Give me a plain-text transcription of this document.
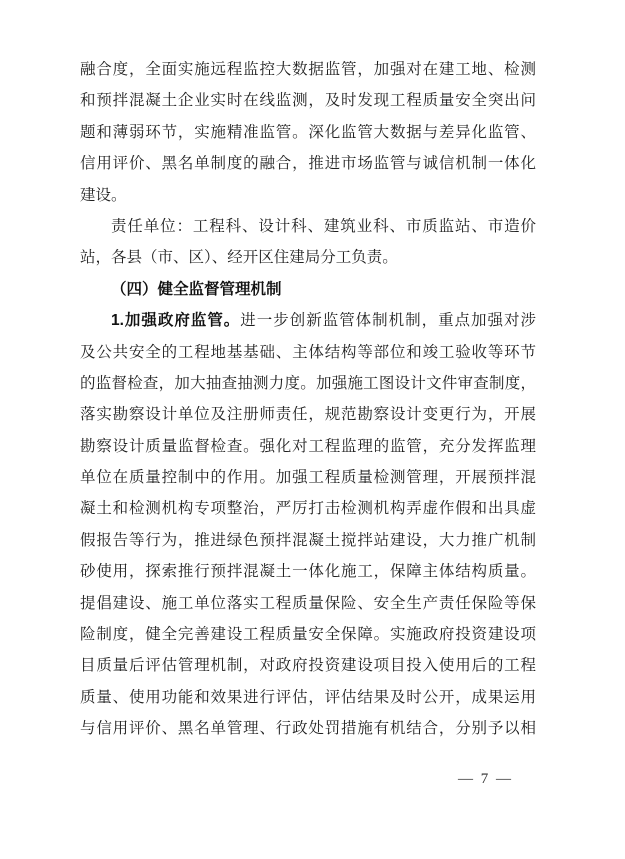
融合度，全面实施远程监控大数据监管，加强对在建工地、检测
和预拌混凝土企业实时在线监测，及时发现工程质量安全突出问
题和薄弱环节，实施精准监管。深化监管大数据与差异化监管、
信用评价、黑名单制度的融合，推进市场监管与诚信机制一体化
建设。
责任单位：工程科、设计科、建筑业科、市质监站、市造价
站，各县（市、区）、经开区住建局分工负责。
（四）健全监督管理机制
1.加强政府监管。进一步创新监管体制机制，重点加强对涉
及公共安全的工程地基基础、主体结构等部位和竣工验收等环节
的监督检查，加大抽查抽测力度。加强施工图设计文件审查制度，
落实勘察设计单位及注册师责任，规范勘察设计变更行为，开展
勘察设计质量监督检查。强化对工程监理的监管，充分发挥监理
单位在质量控制中的作用。加强工程质量检测管理，开展预拌混
凝土和检测机构专项整治，严厉打击检测机构弄虚作假和出具虚
假报告等行为，推进绿色预拌混凝土搅拌站建设，大力推广机制
砂使用，探索推行预拌混凝土一体化施工，保障主体结构质量。
提倡建设、施工单位落实工程质量保险、安全生产责任保险等保
险制度，健全完善建设工程质量安全保障。实施政府投资建设项
目质量后评估管理机制，对政府投资建设项目投入使用后的工程
质量、使用功能和效果进行评估，评估结果及时公开，成果运用
与信用评价、黑名单管理、行政处罚措施有机结合，分别予以相
— 7 —
